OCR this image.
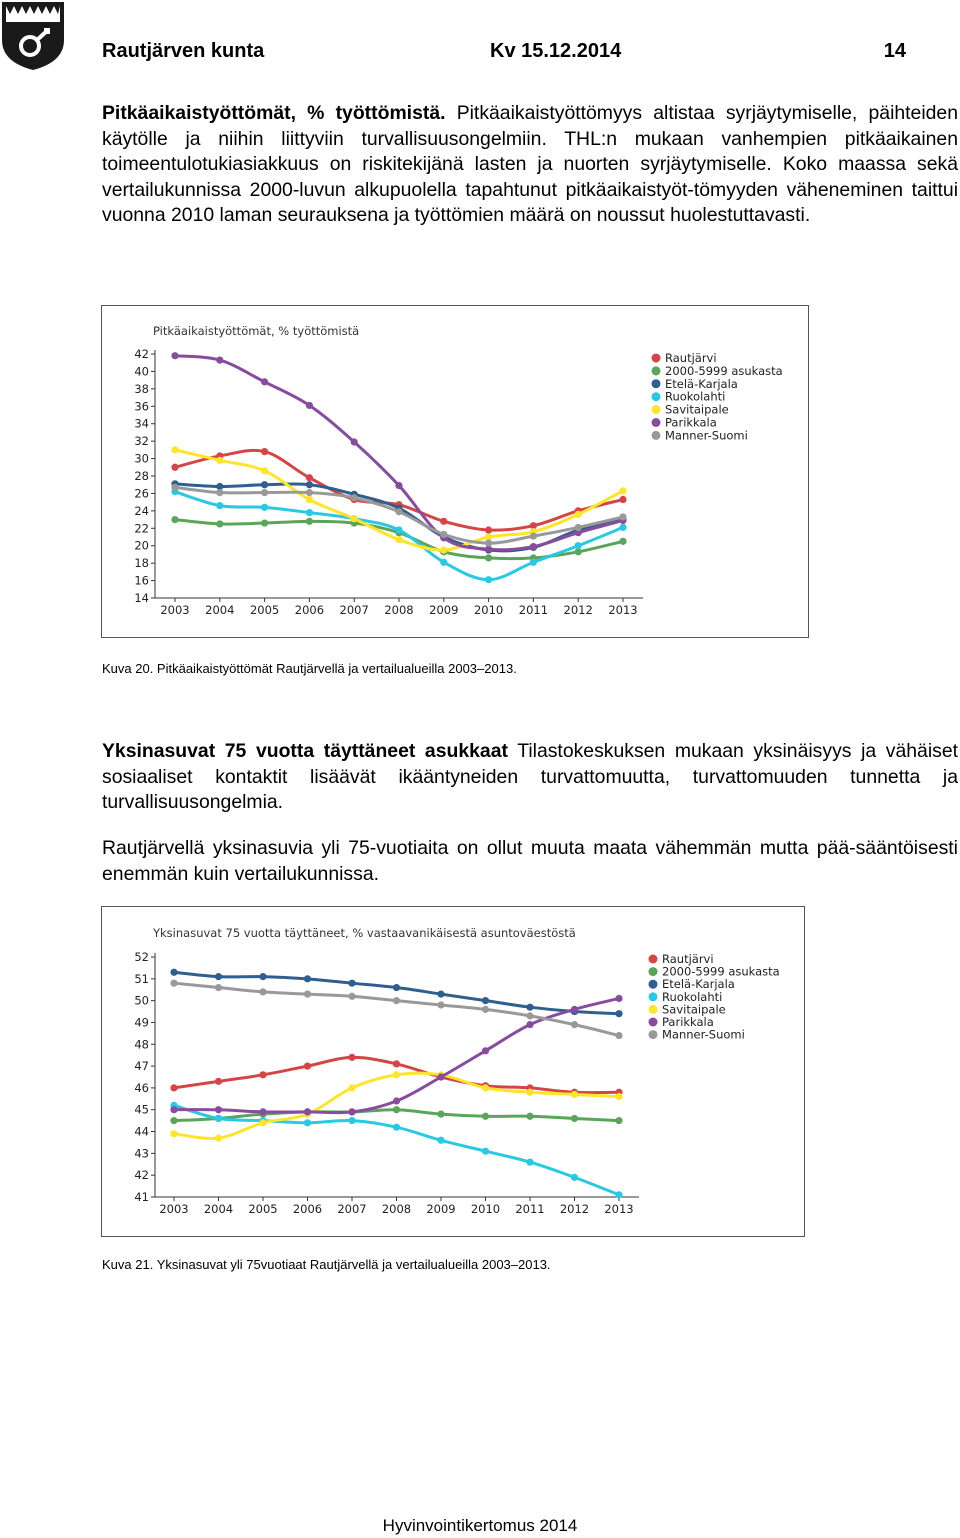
Rautjärven kunta	Kv 15.12.2014	14

Pitkäaikaistyöttömät, % työttömistä. Pitkäaikaistyöttömyys altistaa syrjäytymiselle, päihteiden käytölle ja niihin liittyviin turvallisuusongelmiin. THL:n mukaan vanhempien pitkäaikainen toimeentulotukiasiakkuus on riskitekijänä lasten ja nuorten syrjäytymiselle. Koko maassa sekä vertailukunnissa 2000-luvun alkupuolella tapahtunut pitkäaikaistyöt-tömyyden väheneminen taittui vuonna 2010 laman seurauksena ja työttömien määrä on noussut huolestuttavasti.

Pitkäaikaistyöttömät, % työttömistä
14
16
18
20
22
24
26
28
30
32
34
36
38
40
42
2003 2004 2005 2006 2007 2008 2009 2010 2011 2012 2013
Rautjärvi
2000-5999 asukasta
Etelä-Karjala
Ruokolahti
Savitaipale
Parikkala
Manner-Suomi
Kuva 20. Pitkäaikaistyöttömät Rautjärvellä ja vertailualueilla 2003–2013.

Yksinasuvat 75 vuotta täyttäneet asukkaat Tilastokeskuksen mukaan yksinäisyys ja vähäiset sosiaaliset kontaktit lisäävät ikääntyneiden turvattomuutta, turvattomuuden tunnetta ja turvallisuusongelmia.

Rautjärvellä yksinasuvia yli 75-vuotiaita on ollut muuta maata vähemmän mutta pää-sääntöisesti enemmän kuin vertailukunnissa.

Yksinasuvat 75 vuotta täyttäneet, % vastaavanikäisestä asuntoväestöstä
41
42
43
44
45
46
47
48
49
50
51
52
2003 2004 2005 2006 2007 2008 2009 2010 2011 2012 2013
Rautjärvi
2000-5999 asukasta
Etelä-Karjala
Ruokolahti
Savitaipale
Parikkala
Manner-Suomi
Kuva 21. Yksinasuvat yli 75vuotiaat Rautjärvellä ja vertailualueilla 2003–2013.
Hyvinvointikertomus 2014
